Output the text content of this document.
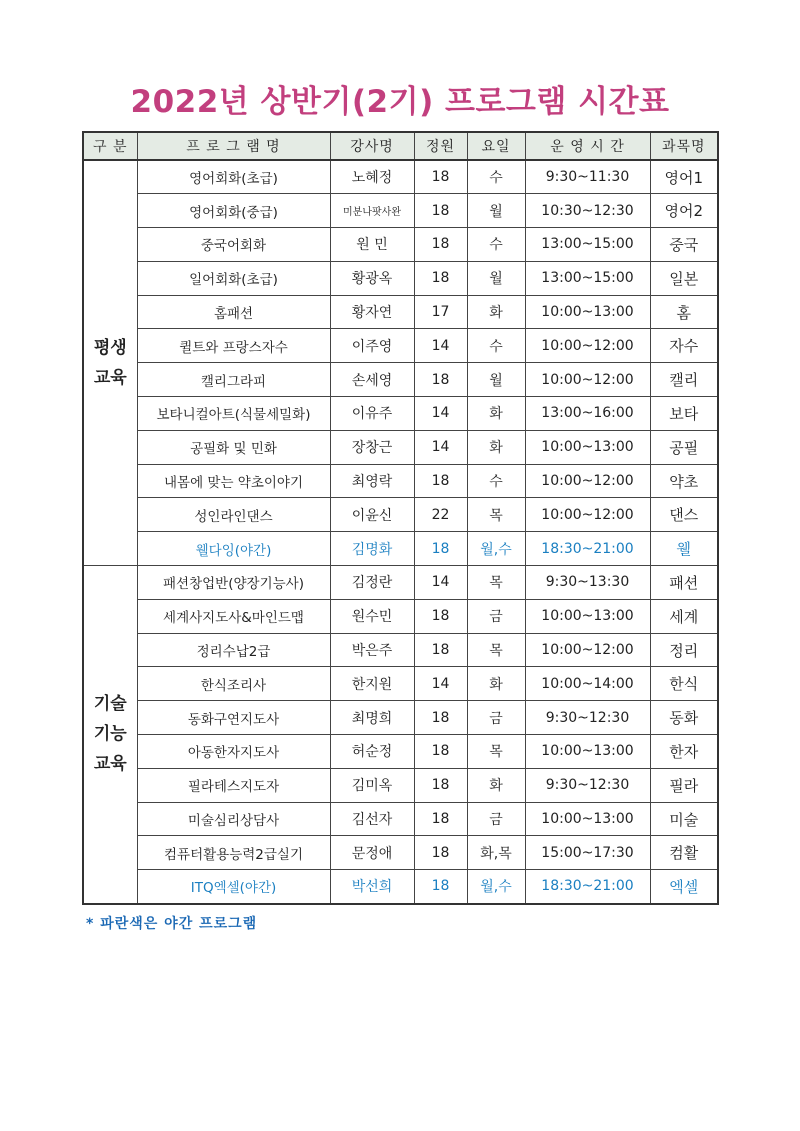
2022년 상반기(2기) 프로그램 시간표
구 분	프 로 그 램 명	강사명	정원	요일	운 영 시 간	과목명
평생
교육	영어회화(초급)	노혜정	18	수	9:30~11:30	영어1
	영어회화(중급)	미분나팟사완	18	월	10:30~12:30	영어2
	중국어회화	원 민	18	수	13:00~15:00	중국
	일어회화(초급)	황광옥	18	월	13:00~15:00	일본
	홈패션	황자연	17	화	10:00~13:00	홈
	퀼트와 프랑스자수	이주영	14	수	10:00~12:00	자수
	캘리그라피	손세영	18	월	10:00~12:00	캘리
	보타니컬아트(식물세밀화)	이유주	14	화	13:00~16:00	보타
	공필화 및 민화	장창근	14	화	10:00~13:00	공필
	내몸에 맞는 약초이야기	최영락	18	수	10:00~12:00	약초
	성인라인댄스	이윤신	22	목	10:00~12:00	댄스
	웰다잉(야간)	김명화	18	월,수	18:30~21:00	웰
기술
기능
교육	패션창업반(양장기능사)	김정란	14	목	9:30~13:30	패션
	세계사지도사&마인드맵	원수민	18	금	10:00~13:00	세계
	정리수납2급	박은주	18	목	10:00~12:00	정리
	한식조리사	한지원	14	화	10:00~14:00	한식
	동화구연지도사	최명희	18	금	9:30~12:30	동화
	아동한자지도사	허순정	18	목	10:00~13:00	한자
	필라테스지도자	김미옥	18	화	9:30~12:30	필라
	미술심리상담사	김선자	18	금	10:00~13:00	미술
	컴퓨터활용능력2급실기	문정애	18	화,목	15:00~17:30	컴활
	ITQ엑셀(야간)	박선희	18	월,수	18:30~21:00	엑셀
* 파란색은 야간 프로그램
